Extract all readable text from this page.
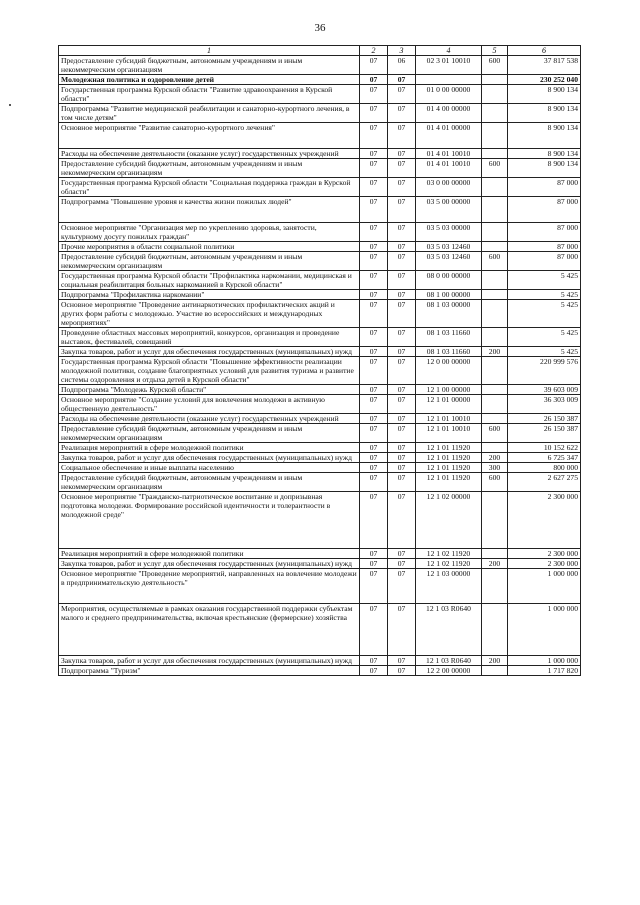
36
1	2	3	4	5	6
Предоставление субсидий бюджетным, автономным учреждениям и иным некоммерческим организациям	07	06	02 3 01 10010	600	37 817 538
Молодежная политика и оздоровление детей	07	07			230 252 040
Государственная программа Курской области "Развитие здравоохранения в Курской области"	07	07	01 0 00 00000		8 900 134
Подпрограмма "Развитие медицинской реабилитации и санаторно-курортного лечения, в том числе детям"	07	07	01 4 00 00000		8 900 134
Основное мероприятие "Развитие санаторно-курортного лечения"	07	07	01 4 01 00000		8 900 134
Расходы на обеспечение деятельности (оказание услуг) государственных учреждений	07	07	01 4 01 10010		8 900 134
Предоставление субсидий бюджетным, автономным учреждениям и иным некоммерческим организациям	07	07	01 4 01 10010	600	8 900 134
Государственная программа Курской области "Социальная поддержка граждан в Курской области"	07	07	03 0 00 00000		87 000
Подпрограмма "Повышение уровня и качества жизни пожилых людей"	07	07	03 5 00 00000		87 000
Основное мероприятие "Организация мер по укреплению здоровья, занятости, культурному досугу пожилых граждан"	07	07	03 5 03 00000		87 000
Прочие мероприятия в области социальной политики	07	07	03 5 03 12460		87 000
Предоставление субсидий бюджетным, автономным учреждениям и иным некоммерческим организациям	07	07	03 5 03 12460	600	87 000
Государственная программа Курской области "Профилактика наркомании, медицинская и социальная реабилитация больных наркоманией в Курской области"	07	07	08 0 00 00000		5 425
Подпрограмма "Профилактика наркомании"	07	07	08 1 00 00000		5 425
Основное мероприятие "Проведение антинаркотических профилактических акций и других форм работы с молодежью. Участие во всероссийских и международных мероприятиях"	07	07	08 1 03 00000		5 425
Проведение областных массовых мероприятий, конкурсов, организация и проведение выставок, фестивалей, совещаний	07	07	08 1 03 11660		5 425
Закупка товаров, работ и услуг для обеспечения государственных (муниципальных) нужд	07	07	08 1 03 11660	200	5 425
Государственная программа Курской области "Повышение эффективности реализации молодежной политики, создание благоприятных условий для развития туризма и развитие системы оздоровления и отдыха детей в Курской области"	07	07	12 0 00 00000		220 999 576
Подпрограмма "Молодежь Курской области"	07	07	12 1 00 00000		39 603 009
Основное мероприятие "Создание условий для вовлечения молодежи в активную общественную деятельность"	07	07	12 1 01 00000		36 303 009
Расходы на обеспечение деятельности (оказание услуг) государственных учреждений	07	07	12 1 01 10010		26 150 387
Предоставление субсидий бюджетным, автономным учреждениям и иным некоммерческим организациям	07	07	12 1 01 10010	600	26 150 387
Реализация мероприятий в сфере молодежной политики	07	07	12 1 01 11920		10 152 622
Закупка товаров, работ и услуг для обеспечения государственных (муниципальных) нужд	07	07	12 1 01 11920	200	6 725 347
Социальное обеспечение и иные выплаты населению	07	07	12 1 01 11920	300	800 000
Предоставление субсидий бюджетным, автономным учреждениям и иным некоммерческим организациям	07	07	12 1 01 11920	600	2 627 275
Основное мероприятие "Гражданско-патриотическое воспитание и допризывная подготовка молодежи. Формирование российской идентичности и толерантности в молодежной среде"	07	07	12 1 02 00000		2 300 000
Реализация мероприятий в сфере молодежной политики	07	07	12 1 02 11920		2 300 000
Закупка товаров, работ и услуг для обеспечения государственных (муниципальных) нужд	07	07	12 1 02 11920	200	2 300 000
Основное мероприятие "Проведение мероприятий, направленных на вовлечение молодежи в предпринимательскую деятельность"	07	07	12 1 03 00000		1 000 000
Мероприятия, осуществляемые в рамках оказания государственной поддержки субъектам малого и среднего предпринимательства, включая крестьянские (фермерские) хозяйства	07	07	12 1 03 R0640		1 000 000
Закупка товаров, работ и услуг для обеспечения государственных (муниципальных) нужд	07	07	12 1 03 R0640	200	1 000 000
Подпрограмма "Туризм"	07	07	12 2 00 00000		1 717 820
